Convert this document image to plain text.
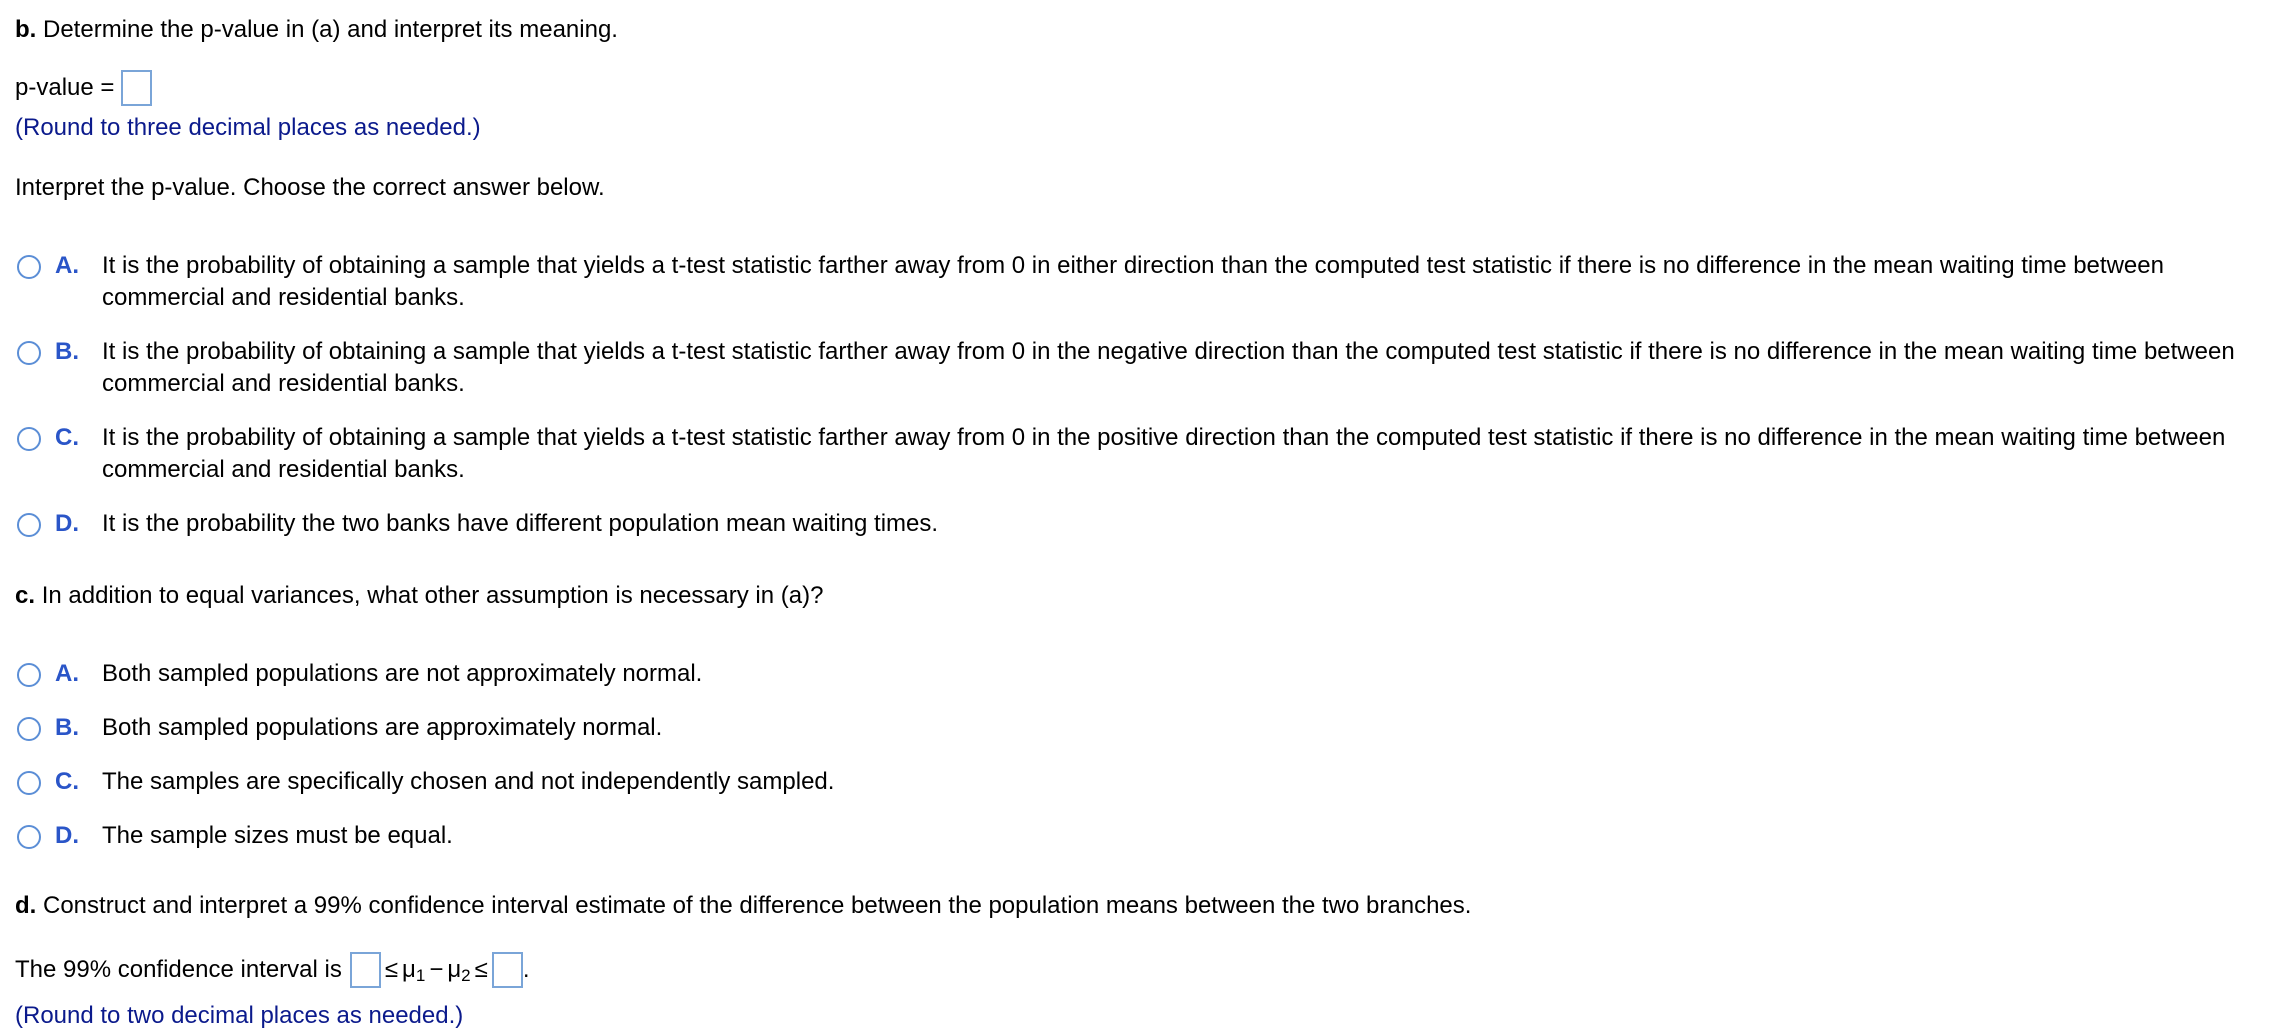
b. Determine the p-value in (a) and interpret its meaning.
p-value =
(Round to three decimal places as needed.)
Interpret the p-value. Choose the correct answer below.
A. It is the probability of obtaining a sample that yields a t-test statistic farther away from 0 in either direction than the computed test statistic if there is no difference in the mean waiting time between commercial and residential banks.
B. It is the probability of obtaining a sample that yields a t-test statistic farther away from 0 in the negative direction than the computed test statistic if there is no difference in the mean waiting time between commercial and residential banks.
C. It is the probability of obtaining a sample that yields a t-test statistic farther away from 0 in the positive direction than the computed test statistic if there is no difference in the mean waiting time between commercial and residential banks.
D. It is the probability the two banks have different population mean waiting times.
c. In addition to equal variances, what other assumption is necessary in (a)?
A. Both sampled populations are not approximately normal.
B. Both sampled populations are approximately normal.
C. The samples are specifically chosen and not independently sampled.
D. The sample sizes must be equal.
d. Construct and interpret a 99% confidence interval estimate of the difference between the population means between the two branches.
The 99% confidence interval is ≤ μ 1 − μ 2 ≤ .
(Round to two decimal places as needed.)
